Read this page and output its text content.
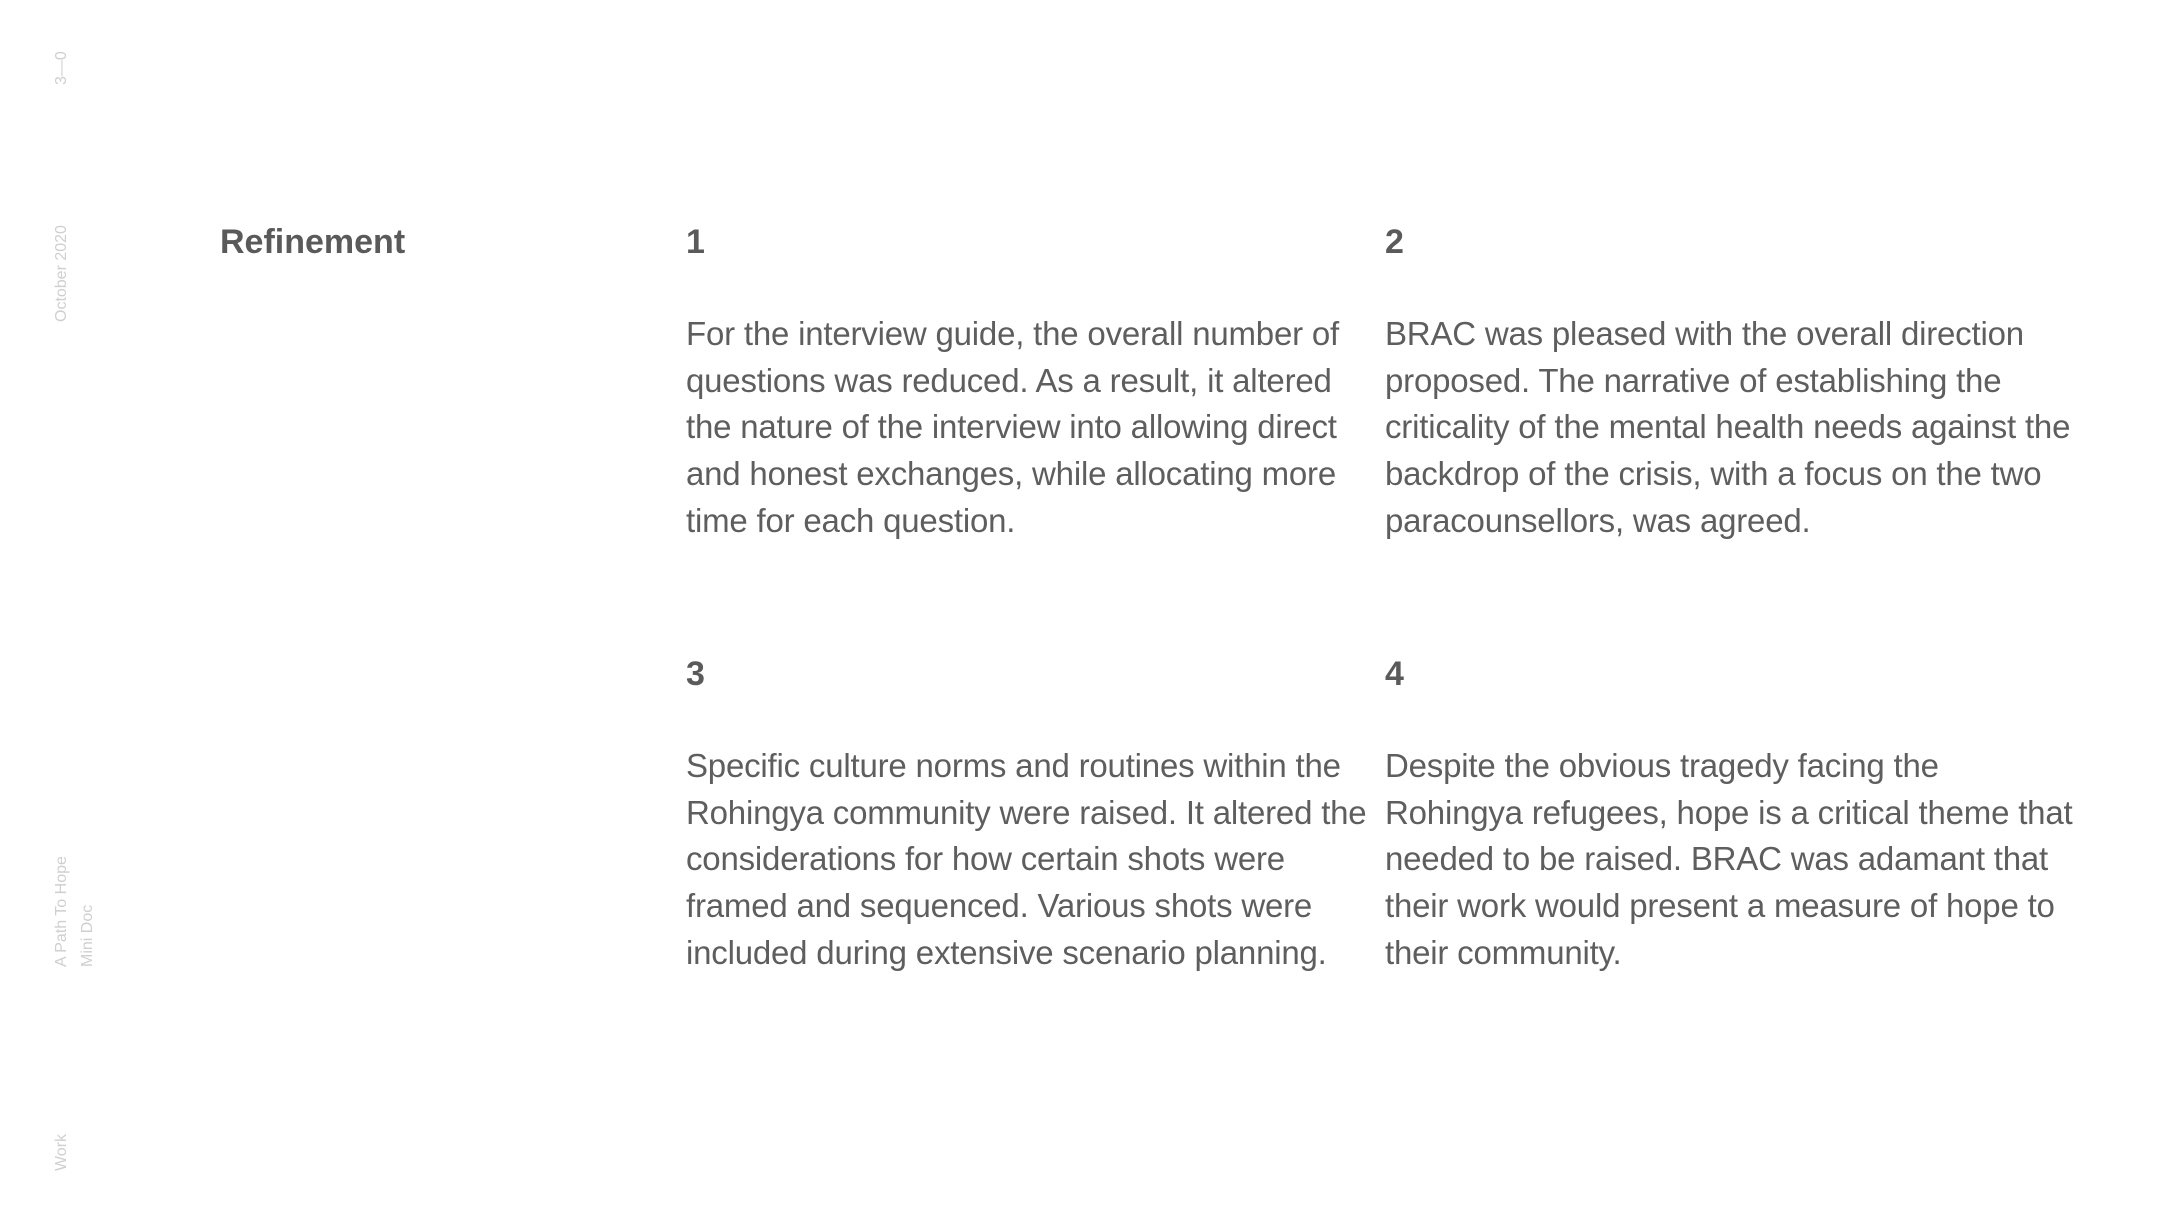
3—0
October 2020
A Path To Hope Mini Doc
Work
Refinement	1

For the interview guide, the overall number of questions was reduced. As a result, it altered the nature of the interview into allowing direct and honest exchanges, while allocating more time for each question.

2

BRAC was pleased with the overall direction proposed. The narrative of establishing the criticality of the mental health needs against the backdrop of the crisis, with a focus on the two paracounsellors, was agreed.

3

Specific culture norms and routines within the Rohingya community were raised. It altered the considerations for how certain shots were framed and sequenced. Various shots were included during extensive scenario planning.

4

Despite the obvious tragedy facing the Rohingya refugees, hope is a critical theme that needed to be raised. BRAC was adamant that their work would present a measure of hope to their community.
